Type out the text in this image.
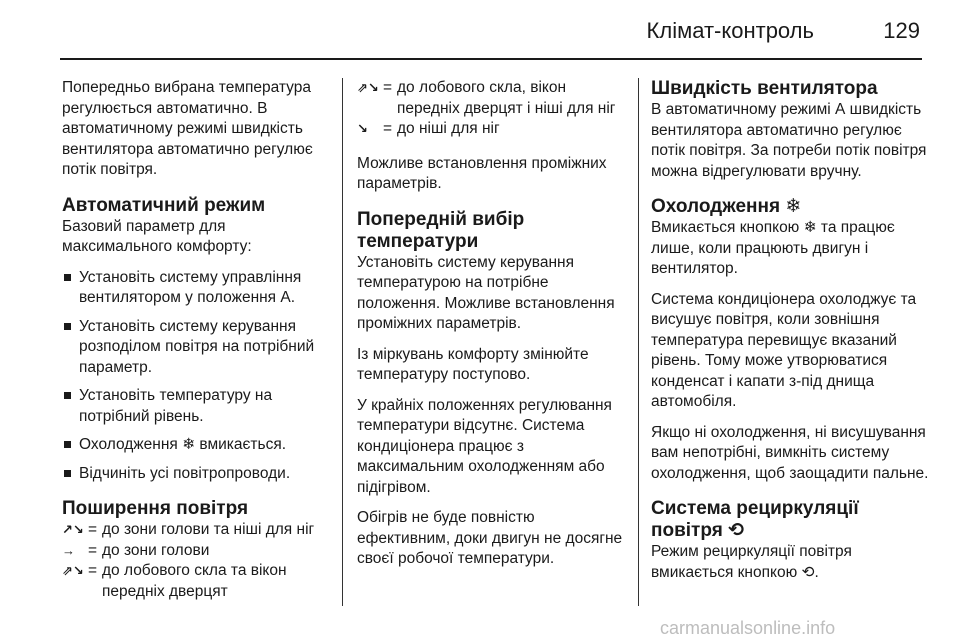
Клімат-контроль	129

Попередньо вибрана температура регулюється автоматично. В автоматичному режимі швидкість вентилятора автоматично регулює потік повітря.

Автоматичний режим

Базовий параметр для максимального комфорту:

Установіть систему управління вентилятором у положення А.
Установіть систему керування розподілом повітря на потрібний параметр.
Установіть температуру на потрібний рівень.
Охолодження ❄ вмикається.
Відчиніть усі повітропроводи.
Поширення повітря
↗↘ = до зони голови та ніші для ніг
→ = до зони голови
⇗↘ = до лобового скла та вікон передніх дверцят
⇗↘ = до лобового скла, вікон передніх дверцят і ніші для ніг
↘ = до ніші для ніг

Можливе встановлення проміжних параметрів.

Попередній вибір температури

Установіть систему керування температурою на потрібне положення. Можливе встановлення проміжних параметрів.

Із міркувань комфорту змінюйте температуру поступово.

У крайніх положеннях регулювання температури відсутнє. Система кондиціонера працює з максимальним охолодженням або підігрівом.

Обігрів не буде повністю ефективним, доки двигун не досягне своєї робочої температури.

Швидкість вентилятора

В автоматичному режимі А швидкість вентилятора автоматично регулює потік повітря. За потреби потік повітря можна відрегулювати вручну.

Охолодження ❄

Вмикається кнопкою ❄ та працює лише, коли працюють двигун і вентилятор.

Система кондиціонера охолоджує та висушує повітря, коли зовнішня температура перевищує вказаний рівень. Тому може утворюватися конденсат і капати з-під днища автомобіля.

Якщо ні охолодження, ні висушування вам непотрібні, вимкніть систему охолодження, щоб заощадити пальне.

Система рециркуляції повітря ⟲

Режим рециркуляції повітря вмикається кнопкою ⟲.

carmanualsonline.info
